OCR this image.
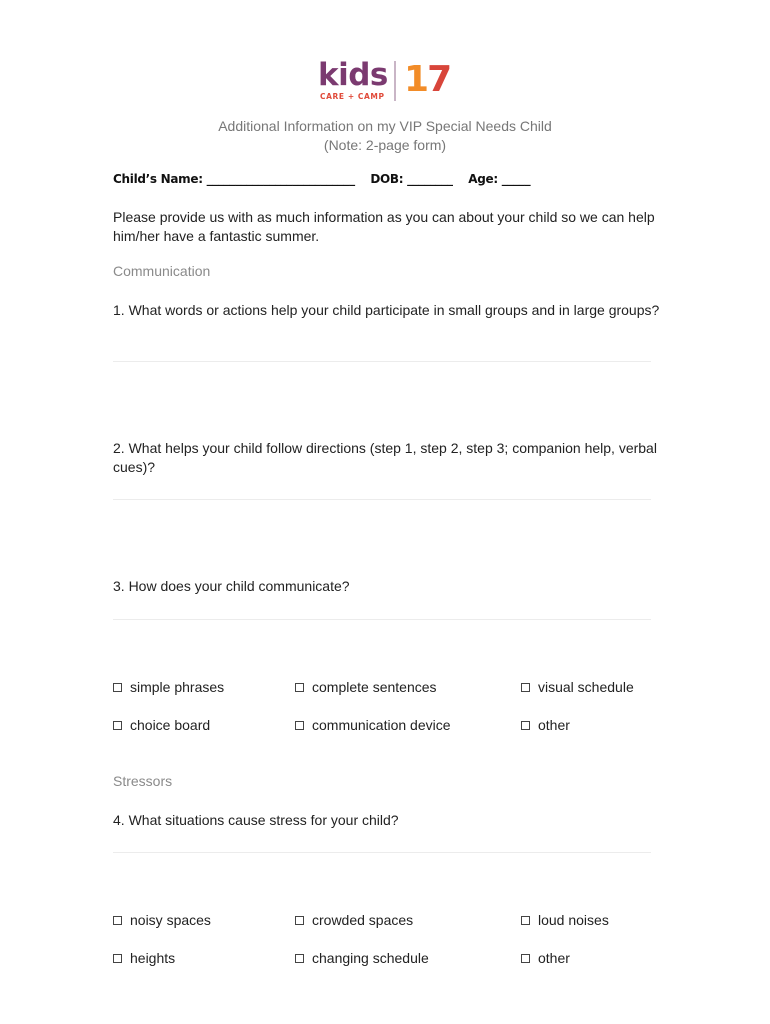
kids
CARE + CAMP 17
Additional Information on my VIP Special Needs Child
(Note: 2-page form)
Child’s Name: __________________________ DOB: ________ Age: _____
Please provide us with as much information as you can about your child so we can help him/her have a fantastic summer.
Communication
1. What words or actions help your child participate in small groups and in large groups?
2. What helps your child follow directions (step 1, step 2, step 3; companion help, verbal cues)?
3. How does your child communicate?
simple phrases	complete sentences	visual schedule
choice board	communication device	other
Stressors
4. What situations cause stress for your child?
noisy spaces	crowded spaces	loud noises
heights	changing schedule	other
